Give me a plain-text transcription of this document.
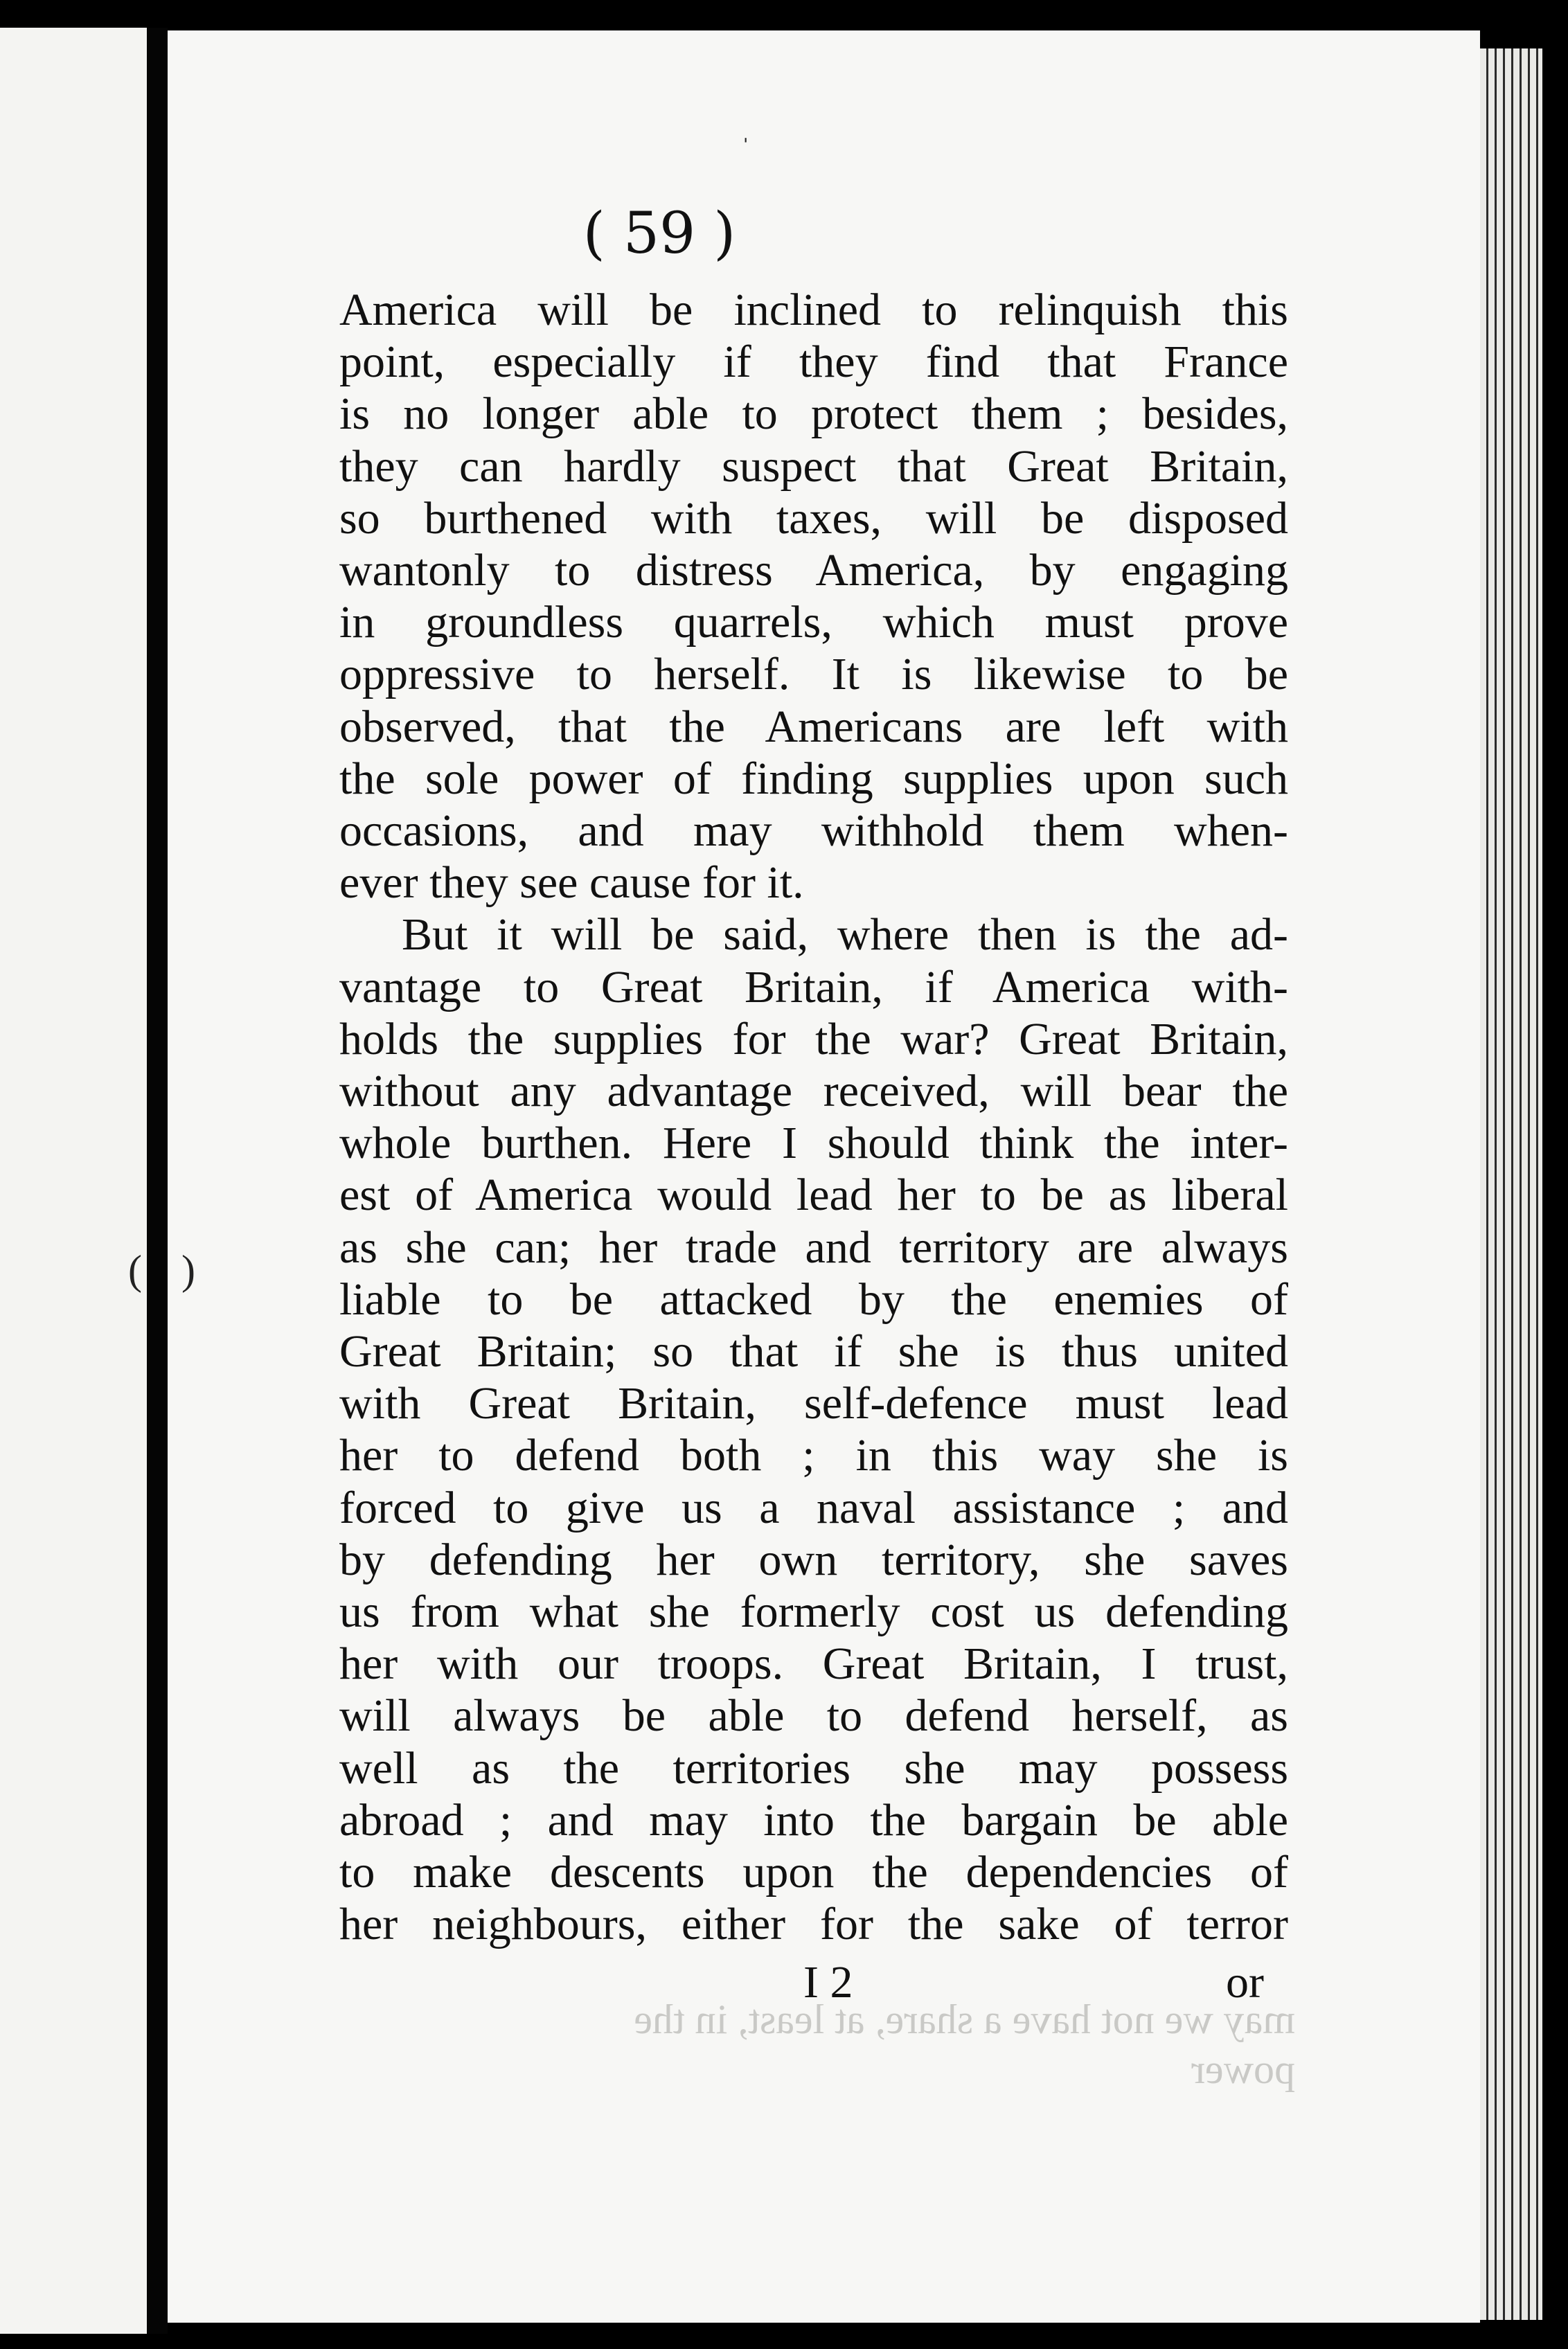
ˈ
( )
( 59 )
America will be inclined to relinquish this
point, especially if they find that France
is no longer able to protect them ; besides,
they can hardly suspect that Great Britain,
so burthened with taxes, will be disposed
wantonly to distress America, by engaging
in groundless quarrels, which must prove
oppressive to herself. It is likewise to be
observed, that the Americans are left with
the sole power of finding supplies upon such
occasions, and may withhold them when-
ever they see cause for it.
But it will be said, where then is the ad-
vantage to Great Britain, if America with-
holds the supplies for the war? Great Britain,
without any advantage received, will bear the
whole burthen. Here I should think the inter-
est of America would lead her to be as liberal
as she can; her trade and territory are always
liable to be attacked by the enemies of
Great Britain; so that if she is thus united
with Great Britain, self-defence must lead
her to defend both ; in this way she is
forced to give us a naval assistance ; and
by defending her own territory, she saves
us from what she formerly cost us defending
her with our troops. Great Britain, I trust,
will always be able to defend herself, as
well as the territories she may possess
abroad ; and may into the bargain be able
to make descents upon the dependencies of
her neighbours, either for the sake of terror
I 2	or
may we not have a share, at least, in the
power
